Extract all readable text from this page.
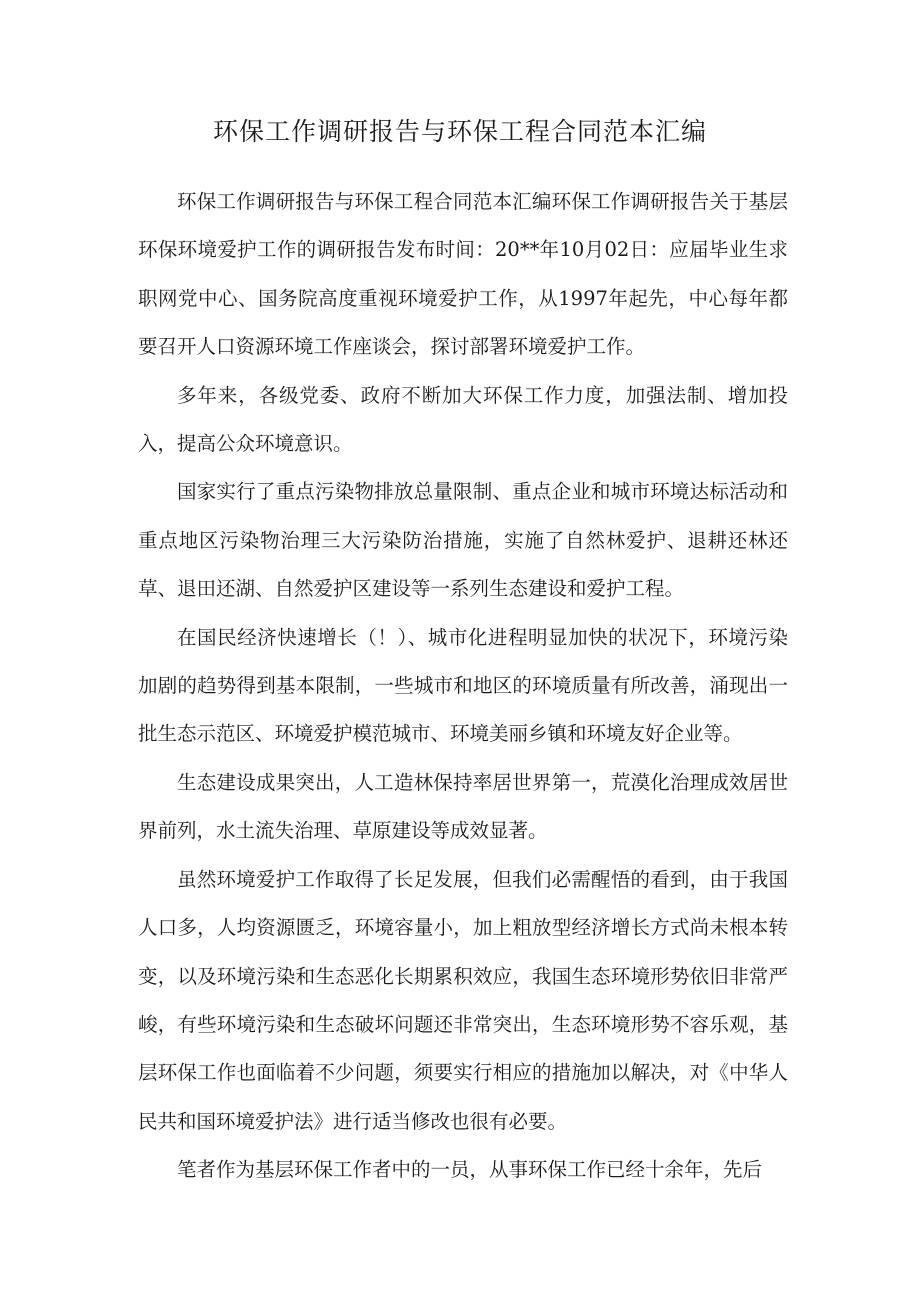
环保工作调研报告与环保工程合同范本汇编

环保工作调研报告与环保工程合同范本汇编环保工作调研报告关于基层环保环境爱护工作的调研报告发布时间：20**年10月02日：应届毕业生求职网党中心、国务院高度重视环境爱护工作，从1997年起先，中心每年都要召开人口资源环境工作座谈会，探讨部署环境爱护工作。

多年来，各级党委、政府不断加大环保工作力度，加强法制、增加投入，提高公众环境意识。

国家实行了重点污染物排放总量限制、重点企业和城市环境达标活动和重点地区污染物治理三大污染防治措施，实施了自然林爱护、退耕还林还草、退田还湖、自然爱护区建设等一系列生态建设和爱护工程。

在国民经济快速增长（！）、城市化进程明显加快的状况下，环境污染加剧的趋势得到基本限制，一些城市和地区的环境质量有所改善，涌现出一批生态示范区、环境爱护模范城市、环境美丽乡镇和环境友好企业等。

生态建设成果突出，人工造林保持率居世界第一，荒漠化治理成效居世界前列，水土流失治理、草原建设等成效显著。

虽然环境爱护工作取得了长足发展，但我们必需醒悟的看到，由于我国人口多，人均资源匮乏，环境容量小，加上粗放型经济增长方式尚未根本转变，以及环境污染和生态恶化长期累积效应，我国生态环境形势依旧非常严峻，有些环境污染和生态破坏问题还非常突出，生态环境形势不容乐观，基层环保工作也面临着不少问题，须要实行相应的措施加以解决，对《中华人民共和国环境爱护法》进行适当修改也很有必要。

笔者作为基层环保工作者中的一员，从事环保工作已经十余年，先后
